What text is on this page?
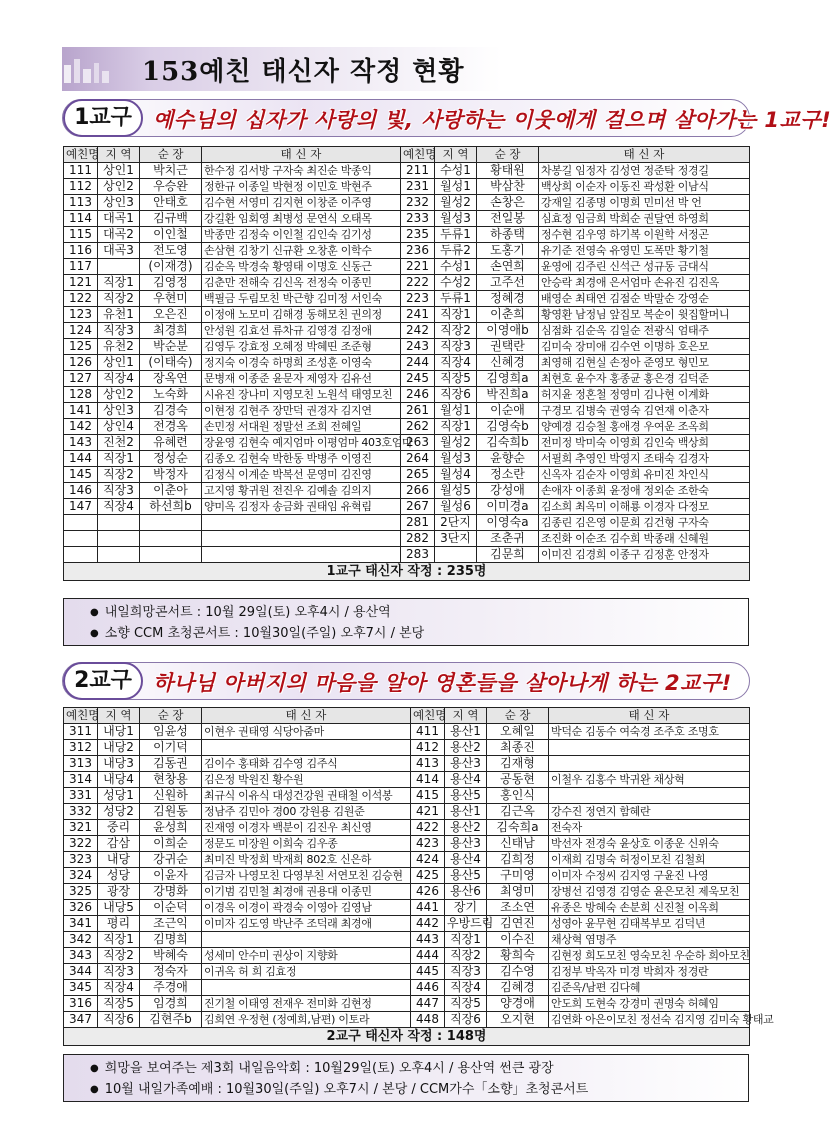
153예친 태신자 작정 현황
1교구	예수님의 십자가 사랑의 빛, 사랑하는 이웃에게 걸으며 살아가는 1교구!
예친명	지 역	순 장	태 신 자	예친명	지 역	순 장	태 신 자
111	상인1	박치근	한수정 김서방 구자숙 최진순 박종익	211	수성1	황태원	차봉길 임정자 김성연 정준탁 정경길
112	상인2	우승완	정한규 이종일 박현정 이민호 박현주	231	월성1	박삼찬	백상희 이순자 이동진 곽성환 이남식
113	상인3	안태호	김수현 서영미 김지현 이창준 이주영	232	월성2	손창은	강재일 김종명 이명희 민미선 박 언
114	대곡1	김규백	강길환 임회영 최병성 문연식 오태목	233	월성3	전일봉	심효정 임금희 박희순 권달연 하영희
115	대곡2	이인철	박종만 김정숙 이인철 김인숙 김기성	235	두류1	하종택	정수현 김우영 하기복 이원학 서정곤
116	대곡3	전도영	손삼현 김창기 신규환 오창훈 이학수	236	두류2	도홍기	유기준 전영숙 유영민 도폭만 황기철
117		(이재경)	김순옥 박경숙 황영태 이명호 신동근	221	수성1	손연희	윤영에 김주린 신석근 성규동 금대식
121	직장1	김영정	김춘만 전해숙 김신옥 전정숙 이종민	222	수성2	고주선	안승락 최경애 은서엄마 손유진 김진옥
122	직장2	우현미	백필금 두림모친 박근향 김미정 서인숙	223	두류1	정혜경	배영순 최태연 김점순 박말순 강영순
123	유천1	오은진	이정애 노모미 김해경 동해모친 권의정	241	직장1	이춘희	황영환 남정님 앞집모 복순이 윗집할머니
124	직장3	최경희	안성원 김효선 류차규 김영경 김정애	242	직장2	이영애b	심점화 김순옥 김일순 전광식 엄태주
125	유천2	박순분	김영두 강효정 오혜정 박혜띤 조준형	243	직장3	권택란	김미숙 장미애 김수연 이명하 호은모
126	상인1	(이태숙)	정지숙 이경숙 하명희 조성훈 이영숙	244	직장4	신혜경	최영해 김현실 손정아 준영모 형민모
127	직장4	장옥연	문병재 이종준 윤문자 제영자 김유선	245	직장5	김영희a	최현호 윤수자 홍종균 홍은경 김덕준
128	상인2	노숙화	시유진 장나미 지영모친 노원석 태영모친	246	직장6	박진희a	허지윤 정혼철 정영미 김나현 이계화
141	상인3	김경숙	이현정 김현주 장만덕 권경자 김지연	261	월성1	이순애	구경모 김병숙 권영숙 김연재 이춘자
142	상인4	전경옥	손민정 서대원 정말선 조희 전혜일	262	직장1	김영숙b	양예경 김승철 홍애경 우여운 조옥희
143	진천2	유혜련	장윤영 김현숙 예지엄마 이평엄마 403호엄마	263	월성2	김숙희b	전미정 박미숙 이영희 김인숙 백상희
144	직장1	정성순	김종오 김현숙 박한동 박병주 이영진	264	월성3	윤향순	서필희 추영인 박영지 조태숙 김경자
145	직장2	박정자	김정식 이계순 박복선 문영미 김진영	265	월성4	정소란	신옥자 김순자 이영희 유미진 차인식
146	직장3	이춘아	고지영 황귀원 전진우 김예솔 김의지	266	월성5	강성애	손애자 이종희 윤정애 정외순 조한숙
147	직장4	하선희b	양미옥 김정자 송금화 권태임 유혁림	267	월성6	이미경a	김소희 최옥미 이해룡 이경자 다정모
				281	2단지	이영숙a	김종린 김은영 이문희 김건형 구자숙
				282	3단지	조춘귀	조진화 이순조 김수희 박종래 신혜원
				283		김문희	이미진 김경희 이종구 김정훈 안정자
1교구 태신자 작정 : 235명							
● 내일희망콘서트 : 10월 29일(토) 오후4시 / 용산역
● 소향 CCM 초청콘서트 : 10월30일(주일) 오후7시 / 본당
2교구	하나님 아버지의 마음을 알아 영혼들을 살아나게 하는 2교구!
예친명	지 역	순 장	태 신 자	예친명	지 역	순 장	태 신 자
311	내당1	임윤성	이현우 권태영 식당아줌마	411	용산1	오혜일	박덕순 김동수 여숙경 조주호 조명호
312	내당2	이기덕		412	용산2	최종진	
313	내당3	김동권	김이수 홍태화 김수영 김주식	413	용산3	김재형	
314	내당4	현창용	김은정 박원진 황수원	414	용산4	공동현	이철우 김홍수 박귀완 채상혁
331	성당1	신원하	최규식 이유식 대성건강원 권태철 이석봉	415	용산5	홍인식	
332	성당2	김원동	정남주 김민아 경00 강원용 김원준	421	용산1	김근옥	강수진 정연지 함혜란
321	중리	윤성희	진재영 이경자 백분이 김진우 최신영	422	용산2	김숙희a	전숙자
322	감삼	이희순	정문도 미장원 이희숙 김우종	423	용산3	신태남	박선자 전경숙 윤상호 이종운 신위숙
323	내당	강귀순	최미진 박정희 박재희 802호 신은하	424	용산4	김희정	이재희 김명숙 허정이모친 김철희
324	성당	이윤자	김금자 나영모친 다영부친 서연모친 김승현	425	용산5	구미영	이미자 수정씨 김지영 구윤진 나영
325	광장	강명화	이기범 김민철 최경애 권용대 이종민	426	용산6	최영미	장병선 김영경 김영순 윤은모친 제욱모친
326	내당5	이순덕	이경옥 이경이 곽경숙 이영아 김영남	441	장기	조소연	유종은 방혜숙 손분희 신진철 이옥희
341	평리	조근익	이미자 김도영 박난주 조덕래 최경애	442	우방드림	김연진	성영아 윤무현 김태복부모 김덕년
342	직장1	김명희		443	직장1	이수진	채상혁 염명주
343	직장2	박혜숙	성세미 안수미 권상이 지향화	444	직장2	황희숙	김현정 희도모친 영숙모친 우순하 희아모친
344	직장3	정숙자	이귀옥 허 희 김효정	445	직장3	김수영	김정부 박옥자 미경 박희자 정경란
345	직장4	주경애		446	직장4	김혜경	김준옥/남편 김다혜
316	직장5	임경희	진기철 이태영 전재우 전미화 김현정	447	직장5	양경애	안도희 도현숙 강경미 권명숙 허혜임
347	직장6	김현주b	김희연 우정현 (정예희,남편) 이토라	448	직장6	오지현	김연화 아은이모친 정선숙 김지영 김미숙 황태교
2교구 태신자 작정 : 148명							
● 희망을 보여주는 제3회 내일음악회 : 10월29일(토) 오후4시 / 용산역 썬큰 광장
● 10월 내일가족예배 : 10월30일(주일) 오후7시 / 본당 / CCM가수「소향」초청콘서트
